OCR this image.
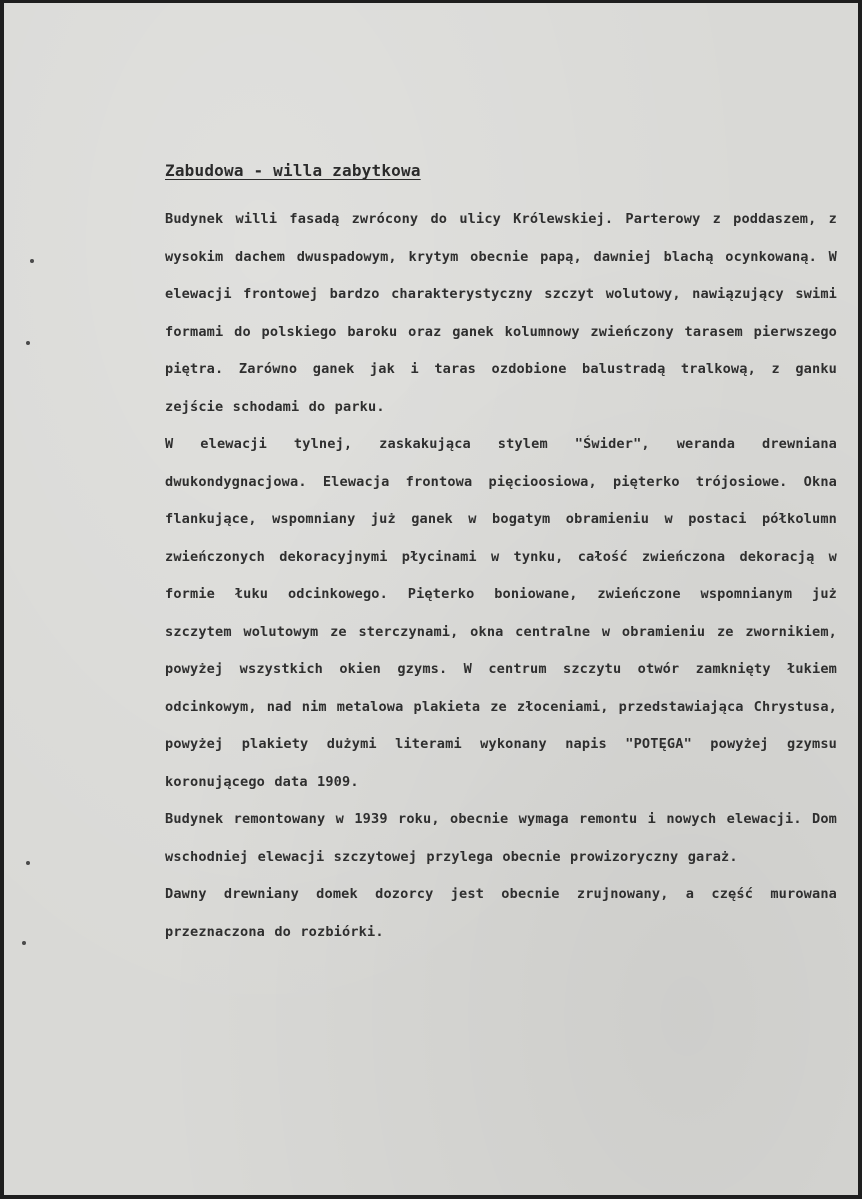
Zabudowa - willa zabytkowa

Budynek willi fasadą zwrócony do ulicy Królewskiej. Parterowy z poddaszem, z wysokim dachem dwuspadowym, krytym obecnie papą, dawniej blachą ocynkowaną. W elewacji frontowej bardzo charakterystyczny szczyt wolutowy, nawiązujący swimi formami do polskiego baroku oraz ganek kolumnowy zwieńczony tarasem pierwszego piętra. Zarówno ganek jak i taras ozdobione balustradą tralkową, z ganku zejście schodami do parku.

W elewacji tylnej, zaskakująca stylem "Świder", weranda drewniana dwukondygnacjowa. Elewacja frontowa pięcioosiowa, pięterko trójosiowe. Okna flankujące, wspomniany już ganek w bogatym obramieniu w postaci półkolumn zwieńczonych dekoracyjnymi płycinami w tynku, całość zwieńczona dekoracją w formie łuku odcinkowego. Pięterko boniowane, zwieńczone wspomnianym już szczytem wolutowym ze sterczynami, okna centralne w obramieniu ze zwornikiem, powyżej wszystkich okien gzyms. W centrum szczytu otwór zamknięty łukiem odcinkowym, nad nim metalowa plakieta ze złoceniami, przedstawiająca Chrystusa, powyżej plakiety dużymi literami wykonany napis "POTĘGA" powyżej gzymsu koronującego data 1909.

Budynek remontowany w 1939 roku, obecnie wymaga remontu i nowych elewacji. Dom wschodniej elewacji szczytowej przylega obecnie prowizoryczny garaż.

Dawny drewniany domek dozorcy jest obecnie zrujnowany, a część murowana przeznaczona do rozbiórki.
